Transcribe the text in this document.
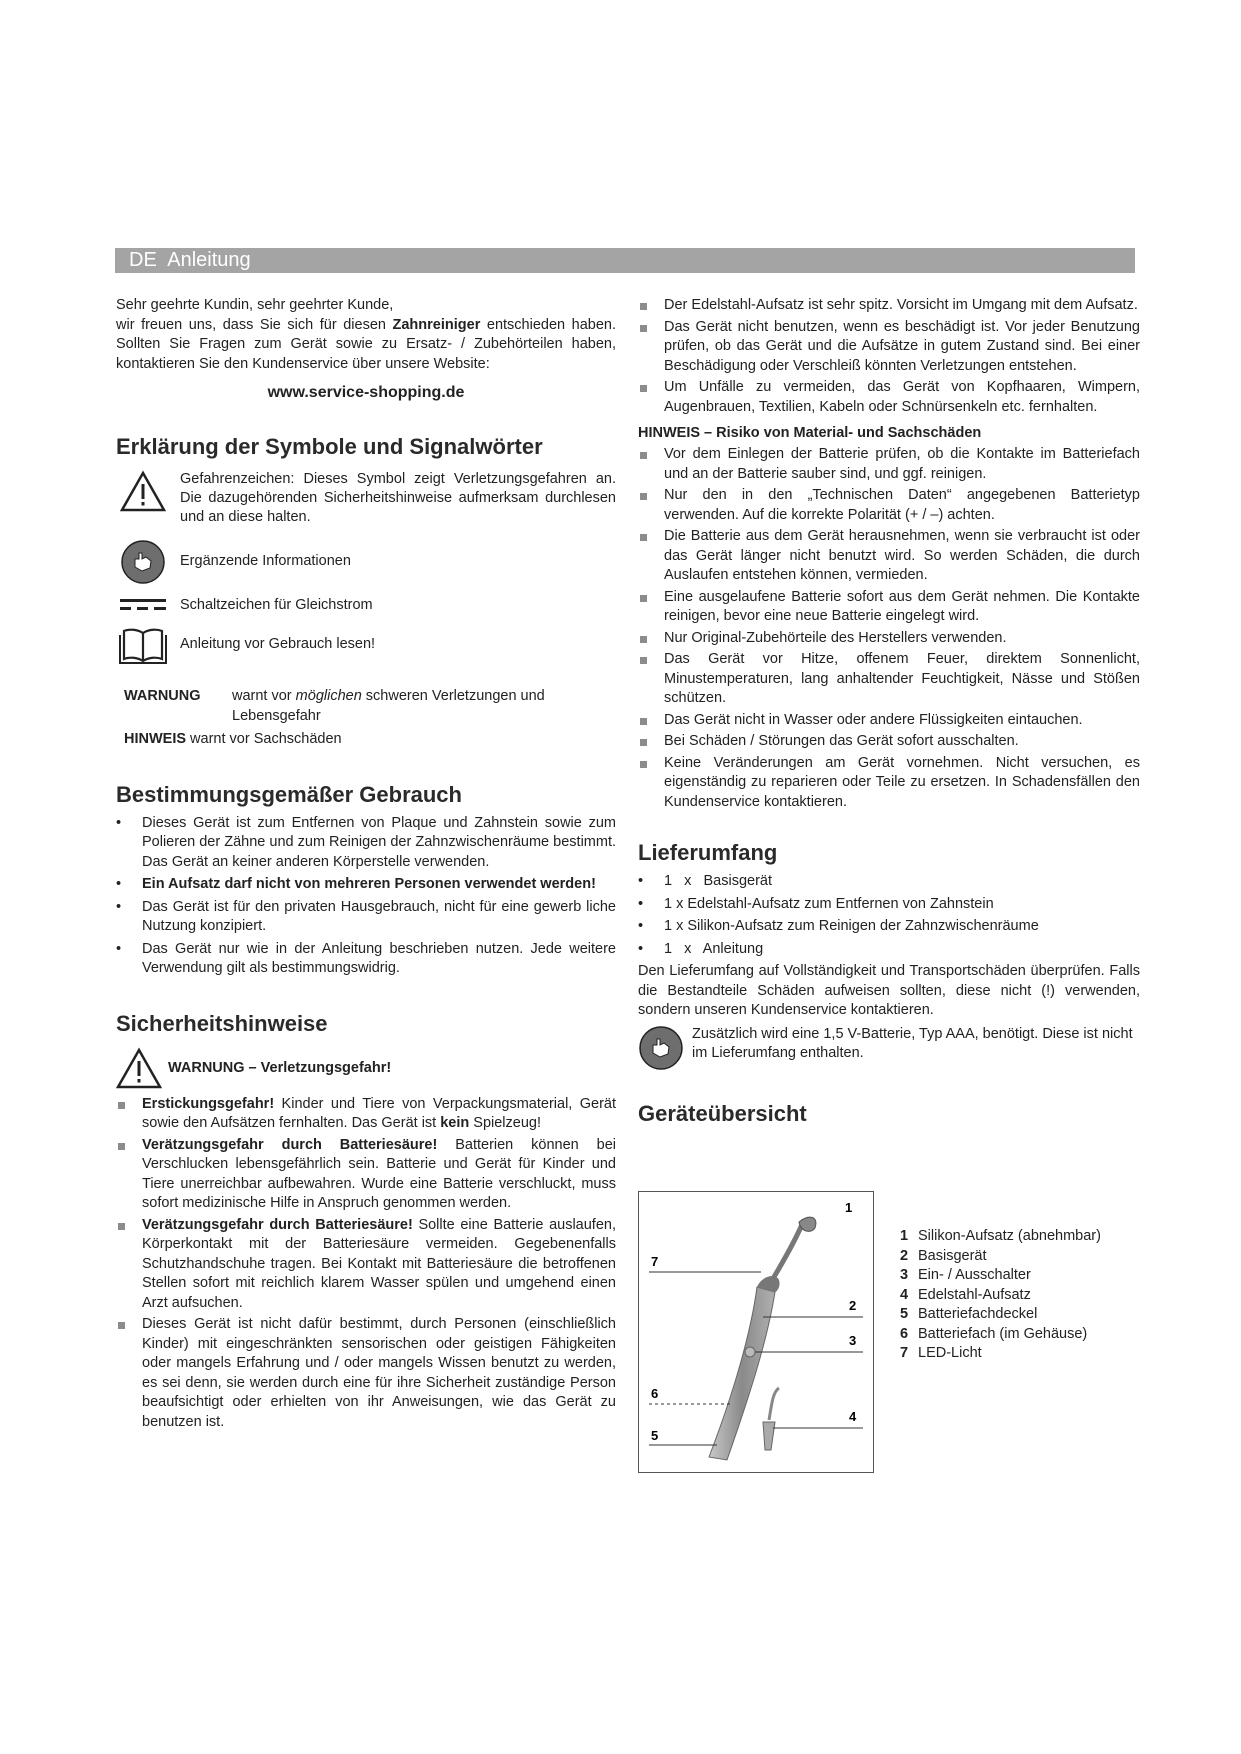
DE Anleitung

Sehr geehrte Kundin, sehr geehrter Kunde,

wir freuen uns, dass Sie sich für diesen Zahnreiniger entschieden haben. Sollten Sie Fragen zum Gerät sowie zu Ersatz- / Zubehörteilen haben, kontaktieren Sie den Kundenservice über unsere Website:

www.service-shopping.de

Erklärung der Symbole und Signalwörter
Gefahrenzeichen: Dieses Symbol zeigt Verletzungsgefahren an. Die dazugehörenden Sicherheitshinweise aufmerksam durchlesen und an diese halten.
Ergänzende Informationen
Schaltzeichen für Gleichstrom
Anleitung vor Gebrauch lesen!
WARNUNG	warnt vor möglichen schweren Verletzungen und Lebensgefahr
HINWEIS warnt vor Sachschäden
Bestimmungsgemäßer Gebrauch
• Dieses Gerät ist zum Entfernen von Plaque und Zahnstein sowie zum Polieren der Zähne und zum Reinigen der Zahnzwischenräume bestimmt. Das Gerät an keiner anderen Körperstelle verwenden.
• Ein Aufsatz darf nicht von mehreren Personen verwendet werden!
• Das Gerät ist für den privaten Hausgebrauch, nicht für eine gewerb liche Nutzung konzipiert.
• Das Gerät nur wie in der Anleitung beschrieben nutzen. Jede weitere Verwendung gilt als bestimmungswidrig.
Sicherheitshinweise
WARNUNG – Verletzungsgefahr!
Erstickungsgefahr! Kinder und Tiere von Verpackungsmaterial, Gerät sowie den Aufsätzen fernhalten. Das Gerät ist kein Spielzeug!
Verätzungsgefahr durch Batteriesäure! Batterien können bei Verschlucken lebensgefährlich sein. Batterie und Gerät für Kinder und Tiere unerreichbar aufbewahren. Wurde eine Batterie verschluckt, muss sofort medizinische Hilfe in Anspruch genommen werden.
Verätzungsgefahr durch Batteriesäure! Sollte eine Batterie auslaufen, Körperkontakt mit der Batteriesäure vermeiden. Gegebenenfalls Schutzhandschuhe tragen. Bei Kontakt mit Batteriesäure die betroffenen Stellen sofort mit reichlich klarem Wasser spülen und umgehend einen Arzt aufsuchen.
Dieses Gerät ist nicht dafür bestimmt, durch Personen (einschließlich Kinder) mit eingeschränkten sensorischen oder geistigen Fähigkeiten oder mangels Erfahrung und / oder mangels Wissen benutzt zu werden, es sei denn, sie werden durch eine für ihre Sicherheit zuständige Person beaufsichtigt oder erhielten von ihr Anweisungen, wie das Gerät zu benutzen ist.
Der Edelstahl-Aufsatz ist sehr spitz. Vorsicht im Umgang mit dem Aufsatz.
Das Gerät nicht benutzen, wenn es beschädigt ist. Vor jeder Benutzung prüfen, ob das Gerät und die Aufsätze in gutem Zustand sind. Bei einer Beschädigung oder Verschleiß könnten Verletzungen entstehen.
Um Unfälle zu vermeiden, das Gerät von Kopfhaaren, Wimpern, Augenbrauen, Textilien, Kabeln oder Schnürsenkeln etc. fernhalten.

HINWEIS – Risiko von Material- und Sachschäden

Vor dem Einlegen der Batterie prüfen, ob die Kontakte im Batteriefach und an der Batterie sauber sind, und ggf. reinigen.
Nur den in den „Technischen Daten“ angegebenen Batterietyp verwenden. Auf die korrekte Polarität (+ / –) achten.
Die Batterie aus dem Gerät herausnehmen, wenn sie verbraucht ist oder das Gerät länger nicht benutzt wird. So werden Schäden, die durch Auslaufen entstehen können, vermieden.
Eine ausgelaufene Batterie sofort aus dem Gerät nehmen. Die Kontakte reinigen, bevor eine neue Batterie eingelegt wird.
Nur Original-Zubehörteile des Herstellers verwenden.
Das Gerät vor Hitze, offenem Feuer, direktem Sonnenlicht, Minustemperaturen, lang anhaltender Feuchtigkeit, Nässe und Stößen schützen.
Das Gerät nicht in Wasser oder andere Flüssigkeiten eintauchen.
Bei Schäden / Störungen das Gerät sofort ausschalten.
Keine Veränderungen am Gerät vornehmen. Nicht versuchen, es eigenständig zu reparieren oder Teile zu ersetzen. In Schadensfällen den Kundenservice kontaktieren.
Lieferumfang
• 1   x   Basisgerät
• 1 x Edelstahl-Aufsatz zum Entfernen von Zahnstein
• 1 x Silikon-Aufsatz zum Reinigen der Zahnzwischenräume
• 1   x   Anleitung

Den Lieferumfang auf Vollständigkeit und Transportschäden überprüfen. Falls die Bestandteile Schäden aufweisen sollten, diese nicht (!) verwenden, sondern unseren Kundenservice kontaktieren.

Zusätzlich wird eine 1,5 V-Batterie, Typ AAA, benötigt. Diese ist nicht im Lieferumfang enthalten.

Geräteübersicht
1
2
3
4
5
6
7
1 Silikon-Aufsatz (abnehmbar)
2 Basisgerät
3 Ein- / Ausschalter
4 Edelstahl-Aufsatz
5 Batteriefachdeckel
6 Batteriefach (im Gehäuse)
7 LED-Licht
